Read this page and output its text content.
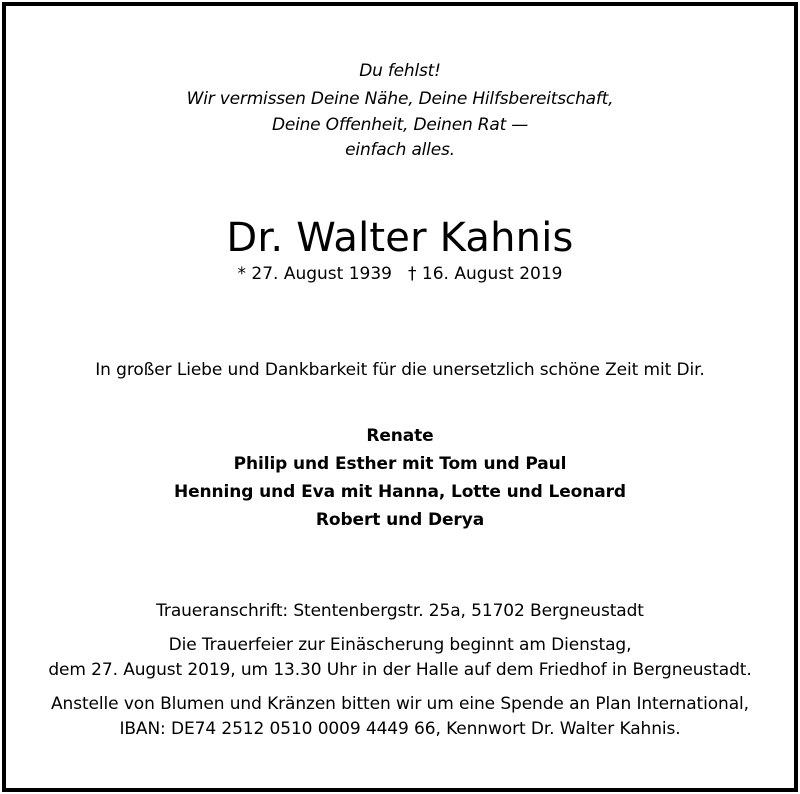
Du fehlst!
Wir vermissen Deine Nähe, Deine Hilfsbereitschaft,
Deine Offenheit, Deinen Rat —
einfach alles.
Dr. Walter Kahnis
* 27. August 1939 † 16. August 2019
In großer Liebe und Dankbarkeit für die unersetzlich schöne Zeit mit Dir.
Renate
Philip und Esther mit Tom und Paul
Henning und Eva mit Hanna, Lotte und Leonard
Robert und Derya
Traueranschrift: Stentenbergstr. 25a, 51702 Bergneustadt
Die Trauerfeier zur Einäscherung beginnt am Dienstag,
dem 27. August 2019, um 13.30 Uhr in der Halle auf dem Friedhof in Bergneustadt.
Anstelle von Blumen und Kränzen bitten wir um eine Spende an Plan International,
IBAN: DE74 2512 0510 0009 4449 66, Kennwort Dr. Walter Kahnis.
